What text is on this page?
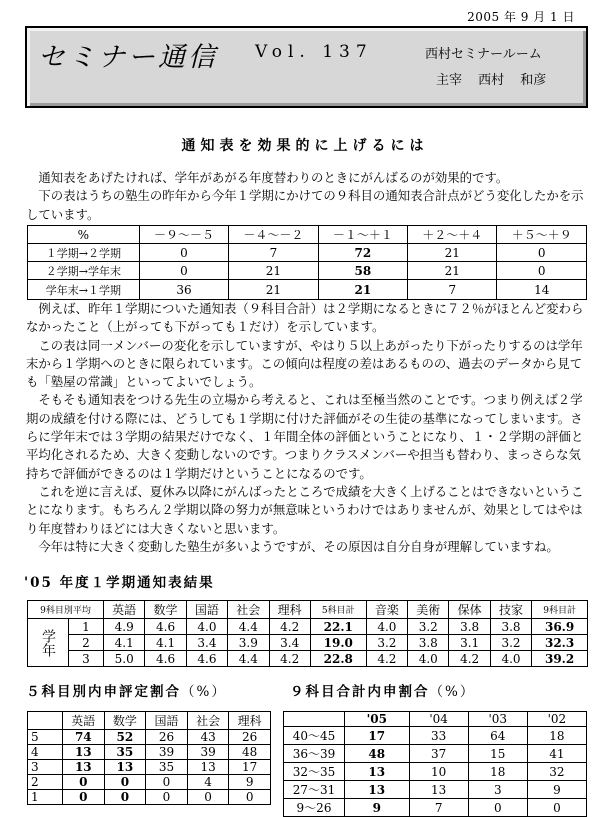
2005 年 9 月 1 日
セミナー通信 Vol. 137	西村セミナールーム
主宰 西村 和彦
通知表を効果的に上げるには

通知表をあげたければ、学年があがる年度替わりのときにがんばるのが効果的です。

下の表はうちの塾生の昨年から今年１学期にかけての９科目の通知表合計点がどう変化したかを示しています。

%	－９～－５	－４～－２	－１～＋１	＋２～＋４	＋５～＋９
１学期→２学期	0	7	72	21	0
２学期→学年末	0	21	58	21	0
学年末→１学期	36	21	21	7	14

例えば、昨年１学期についた通知表（９科目合計）は２学期になるときに７２％がほとんど変わらなかったこと（上がっても下がっても１だけ）を示しています。

この表は同一メンバーの変化を示していますが、やはり５以上あがったり下がったりするのは学年末から１学期へのときに限られています。この傾向は程度の差はあるものの、過去のデータから見ても「塾屋の常識」といってよいでしょう。

そもそも通知表をつける先生の立場から考えると、これは至極当然のことです。つまり例えば２学期の成績を付ける際には、どうしても１学期に付けた評価がその生徒の基準になってしまいます。さらに学年末では３学期の結果だけでなく、１年間全体の評価ということになり、１・２学期の評価と平均化されるため、大きく変動しないのです。つまりクラスメンバーや担当も替わり、まっさらな気持ちで評価ができるのは１学期だけということになるのです。

これを逆に言えば、夏休み以降にがんばったところで成績を大きく上げることはできないということになります。もちろん２学期以降の努力が無意味というわけではありませんが、効果としてはやはり年度替わりほどには大きくないと思います。

今年は特に大きく変動した塾生が多いようですが、その原因は自分自身が理解していますね。

'05 年度１学期通知表結果
9科目別平均		英語	数学	国語	社会	理科	5科目計	音楽	美術	保体	技家	9科目計
学年	1	4.9	4.6	4.0	4.4	4.2	22.1	4.0	3.2	3.8	3.8	36.9
	2	4.1	4.1	3.4	3.9	3.4	19.0	3.2	3.8	3.1	3.2	32.3
	3	5.0	4.6	4.6	4.4	4.2	22.8	4.2	4.0	4.2	4.0	39.2
５科目別内申評定割合（%）	９科目合計内申割合（%）
	英語	数学	国語	社会	理科
5	74	52	26	43	26
4	13	35	39	39	48
3	13	13	35	13	17
2	0	0	0	4	9
1	0	0	0	0	0
	'05	'04	'03	'02
40～45	17	33	64	18
36～39	48	37	15	41
32～35	13	10	18	32
27～31	13	13	3	9
9～26	9	7	0	0
